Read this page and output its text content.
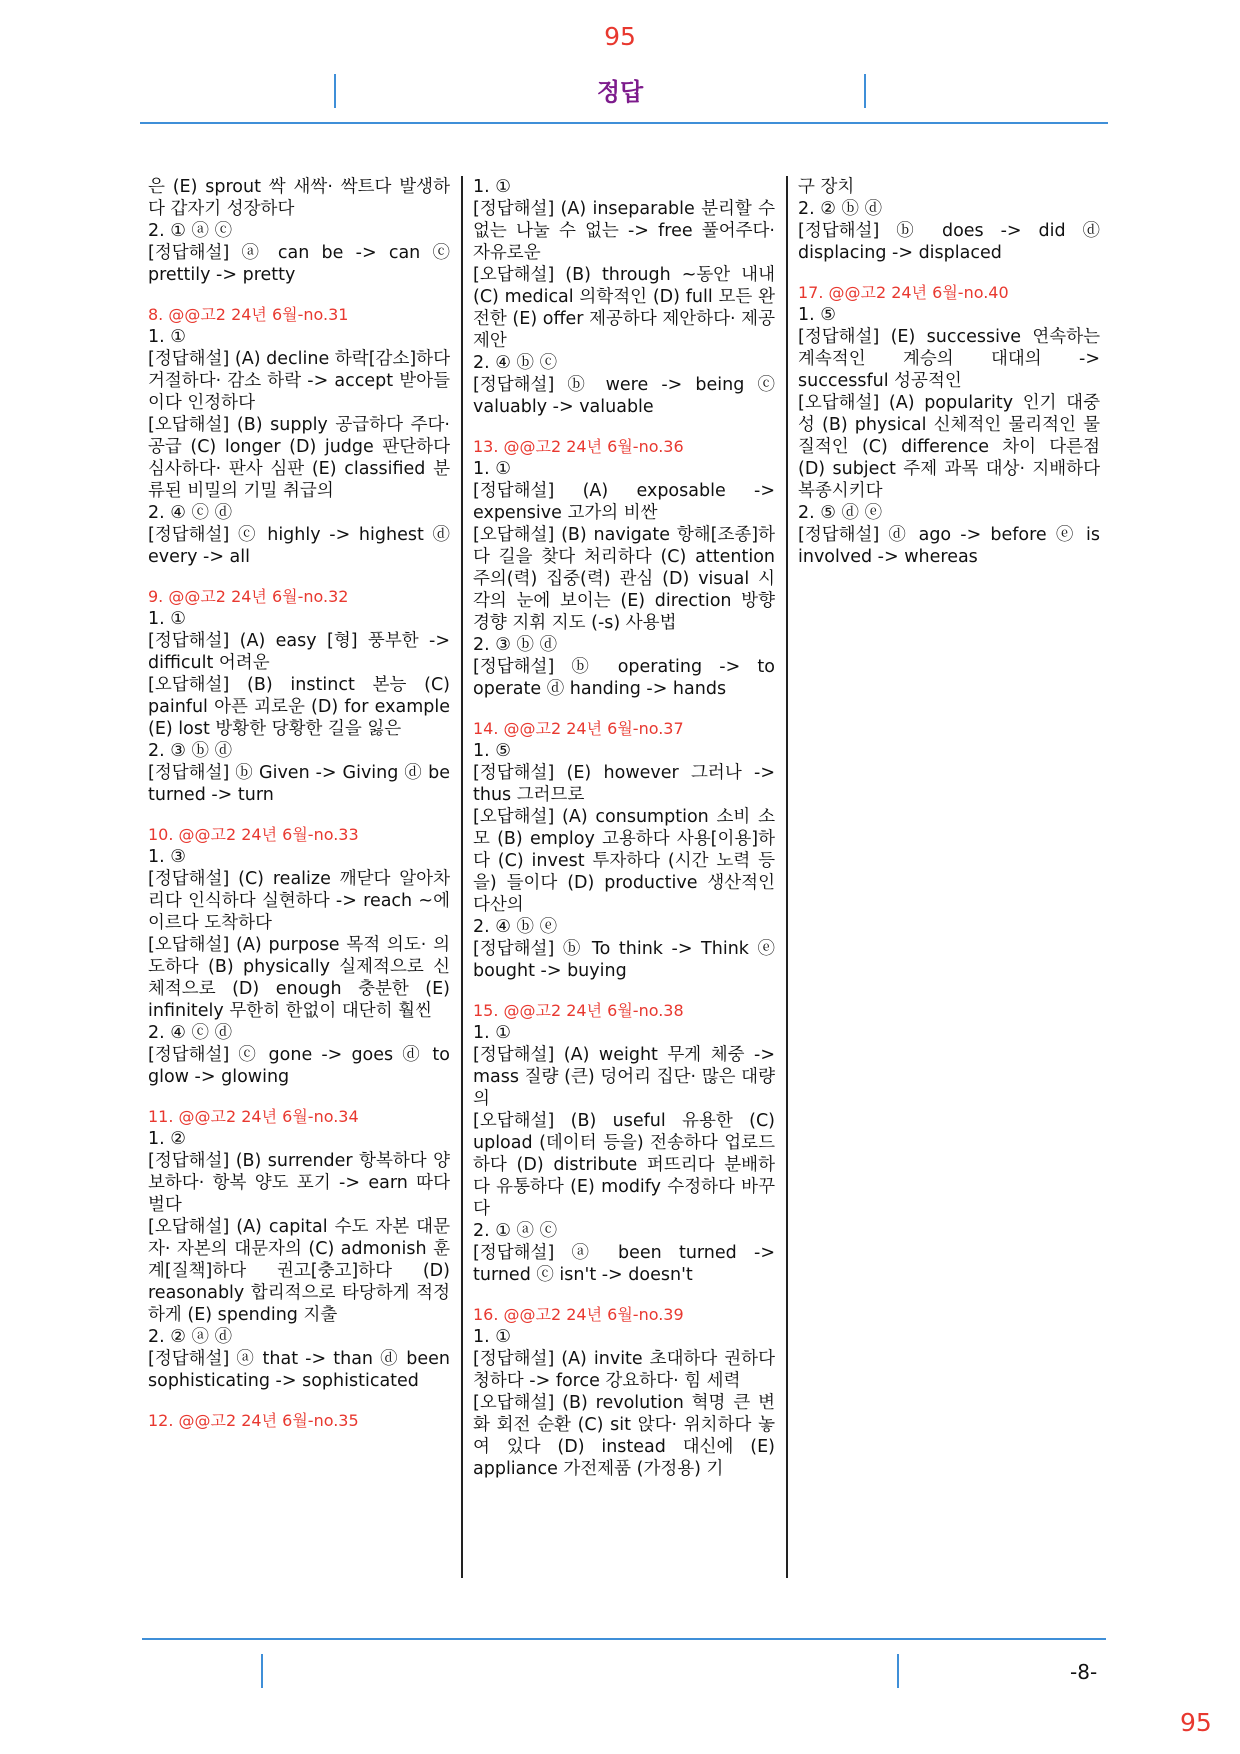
95
정답

은 (E) sprout 싹 새싹· 싹트다 발생하다 갑자기 성장하다

2. ① ⓐ ⓒ

[정답해설] ⓐ can be -> can ⓒ prettily -> pretty

8. @@고2 24년 6월-no.31

1. ①

[정답해설] (A) decline 하락[감소]하다 거절하다· 감소 하락 -> accept 받아들이다 인정하다

[오답해설] (B) supply 공급하다 주다· 공급 (C) longer (D) judge 판단하다 심사하다· 판사 심판 (E) classified 분류된 비밀의 기밀 취급의

2. ④ ⓒ ⓓ

[정답해설] ⓒ highly -> highest ⓓ every -> all

9. @@고2 24년 6월-no.32

1. ①

[정답해설] (A) easy [형] 풍부한 -> difficult 어려운

[오답해설] (B) instinct 본능 (C) painful 아픈 괴로운 (D) for example (E) lost 방황한 당황한 길을 잃은

2. ③ ⓑ ⓓ

[정답해설] ⓑ Given -> Giving ⓓ be turned -> turn

10. @@고2 24년 6월-no.33

1. ③

[정답해설] (C) realize 깨닫다 알아차리다 인식하다 실현하다 -> reach ~에 이르다 도착하다

[오답해설] (A) purpose 목적 의도· 의도하다 (B) physically 실제적으로 신체적으로 (D) enough 충분한 (E) infinitely 무한히 한없이 대단히 훨씬

2. ④ ⓒ ⓓ

[정답해설] ⓒ gone -> goes ⓓ to glow -> glowing

11. @@고2 24년 6월-no.34

1. ②

[정답해설] (B) surrender 항복하다 양보하다· 항복 양도 포기 -> earn 따다 벌다

[오답해설] (A) capital 수도 자본 대문자· 자본의 대문자의 (C) admonish 훈계[질책]하다 권고[충고]하다 (D) reasonably 합리적으로 타당하게 적정하게 (E) spending 지출

2. ② ⓐ ⓓ

[정답해설] ⓐ that -> than ⓓ been sophisticating -> sophisticated

12. @@고2 24년 6월-no.35

1. ①

[정답해설] (A) inseparable 분리할 수 없는 나눌 수 없는 -> free 풀어주다· 자유로운

[오답해설] (B) through ~동안 내내 (C) medical 의학적인 (D) full 모든 완전한 (E) offer 제공하다 제안하다· 제공 제안

2. ④ ⓑ ⓒ

[정답해설] ⓑ were -> being ⓒ valuably -> valuable

13. @@고2 24년 6월-no.36

1. ①

[정답해설] (A) exposable -> expensive 고가의 비싼

[오답해설] (B) navigate 항해[조종]하다 길을 찾다 처리하다 (C) attention 주의(력) 집중(력) 관심 (D) visual 시각의 눈에 보이는 (E) direction 방향 경향 지휘 지도 (-s) 사용법

2. ③ ⓑ ⓓ

[정답해설] ⓑ operating -> to operate ⓓ handing -> hands

14. @@고2 24년 6월-no.37

1. ⑤

[정답해설] (E) however 그러나 -> thus 그러므로

[오답해설] (A) consumption 소비 소모 (B) employ 고용하다 사용[이용]하다 (C) invest 투자하다 (시간 노력 등을) 들이다 (D) productive 생산적인 다산의

2. ④ ⓑ ⓔ

[정답해설] ⓑ To think -> Think ⓔ bought -> buying

15. @@고2 24년 6월-no.38

1. ①

[정답해설] (A) weight 무게 체중 -> mass 질량 (큰) 덩어리 집단· 많은 대량의

[오답해설] (B) useful 유용한 (C) upload (데이터 등을) 전송하다 업로드하다 (D) distribute 퍼뜨리다 분배하다 유통하다 (E) modify 수정하다 바꾸다

2. ① ⓐ ⓒ

[정답해설] ⓐ been turned -> turned ⓒ isn't -> doesn't

16. @@고2 24년 6월-no.39

1. ①

[정답해설] (A) invite 초대하다 권하다 청하다 -> force 강요하다· 힘 세력

[오답해설] (B) revolution 혁명 큰 변화 회전 순환 (C) sit 앉다· 위치하다 놓여 있다 (D) instead 대신에 (E) appliance 가전제품 (가정용) 기

구 장치

2. ② ⓑ ⓓ

[정답해설] ⓑ does -> did ⓓ displacing -> displaced

17. @@고2 24년 6월-no.40

1. ⑤

[정답해설] (E) successive 연속하는 계속적인 계승의 대대의 -> successful 성공적인

[오답해설] (A) popularity 인기 대중성 (B) physical 신체적인 물리적인 물질적인 (C) difference 차이 다른점 (D) subject 주제 과목 대상· 지배하다 복종시키다

2. ⑤ ⓓ ⓔ

[정답해설] ⓓ ago -> before ⓔ is involved -> whereas

-8-
95
